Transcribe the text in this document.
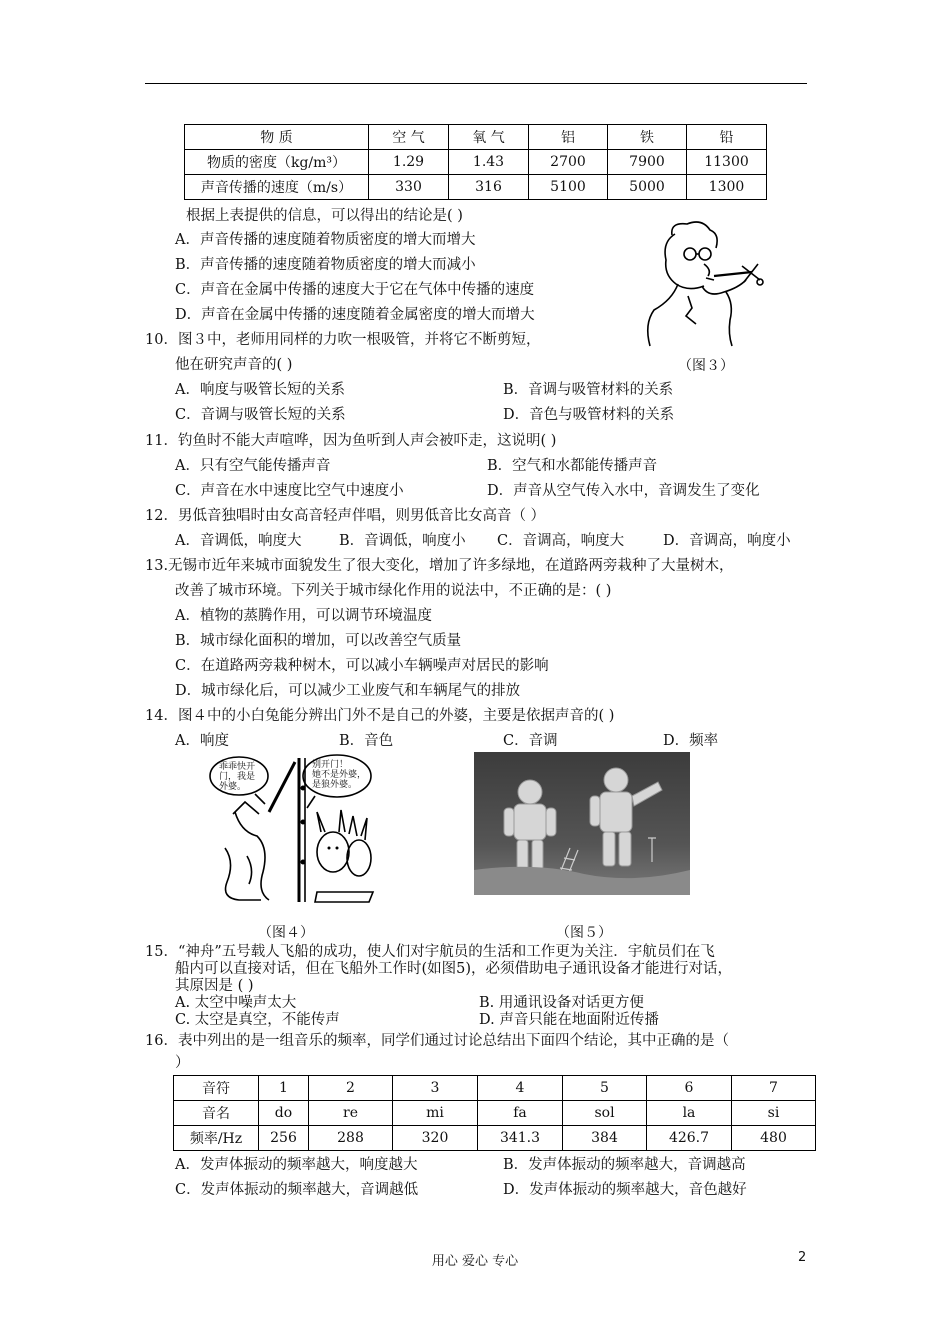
物 质	空 气	氧 气	铝	铁	铅
物质的密度（kg/m³）	1.29	1.43	2700	7900	11300
声音传播的速度（m/s）	330	316	5100	5000	1300
根据上表提供的信息，可以得出的结论是( )
A．声音传播的速度随着物质密度的增大而增大
B．声音传播的速度随着物质密度的增大而减小
C．声音在金属中传播的速度大于它在气体中传播的速度
D．声音在金属中传播的速度随着金属密度的增大而增大
10．图３中，老师用同样的力吹一根吸管，并将它不断剪短，
他在研究声音的( )	（图３）
A．响度与吸管长短的关系	B．音调与吸管材料的关系
C．音调与吸管长短的关系	D．音色与吸管材料的关系
11．钓鱼时不能大声喧哗，因为鱼听到人声会被吓走，这说明( )
A．只有空气能传播声音	B．空气和水都能传播声音
C．声音在水中速度比空气中速度小	D．声音从空气传入水中，音调发生了变化
12．男低音独唱时由女高音轻声伴唱，则男低音比女高音（ ）
A．音调低，响度大	B．音调低，响度小 C．音调高，响度大	D．音调高，响度小
13.无锡市近年来城市面貌发生了很大变化，增加了许多绿地，在道路两旁栽种了大量树木，
改善了城市环境。下列关于城市绿化作用的说法中，不正确的是：( )
A．植物的蒸腾作用，可以调节环境温度
B．城市绿化面积的增加，可以改善空气质量
C．在道路两旁栽种树木，可以减小车辆噪声对居民的影响
D．城市绿化后，可以减少工业废气和车辆尾气的排放
14．图４中的小白兔能分辨出门外不是自己的外婆，主要是依据声音的( )
A．响度	B．音色	C．音调	D．频率
乖乖快开
门，我是
外婆。
别开门！
她不是外婆，
是狼外婆。
（图４）	（图５）
15．“神舟”五号载人飞船的成功，使人们对宇航员的生活和工作更为关注．宇航员们在飞
船内可以直接对话，但在飞船外工作时(如图5)，必须借助电子通讯设备才能进行对话，
其原因是 ( )
A. 太空中噪声太大	B. 用通讯设备对话更方便
C. 太空是真空，不能传声	D. 声音只能在地面附近传播
16．表中列出的是一组音乐的频率，同学们通过讨论总结出下面四个结论，其中正确的是（
）
音符	1	2	3	4	5	6	7
音名	do	re	mi	fa	sol	la	si
频率/Hz	256	288	320	341.3	384	426.7	480
A．发声体振动的频率越大，响度越大	B．发声体振动的频率越大，音调越高
C．发声体振动的频率越大，音调越低	D．发声体振动的频率越大，音色越好
用心 爱心 专心	2
